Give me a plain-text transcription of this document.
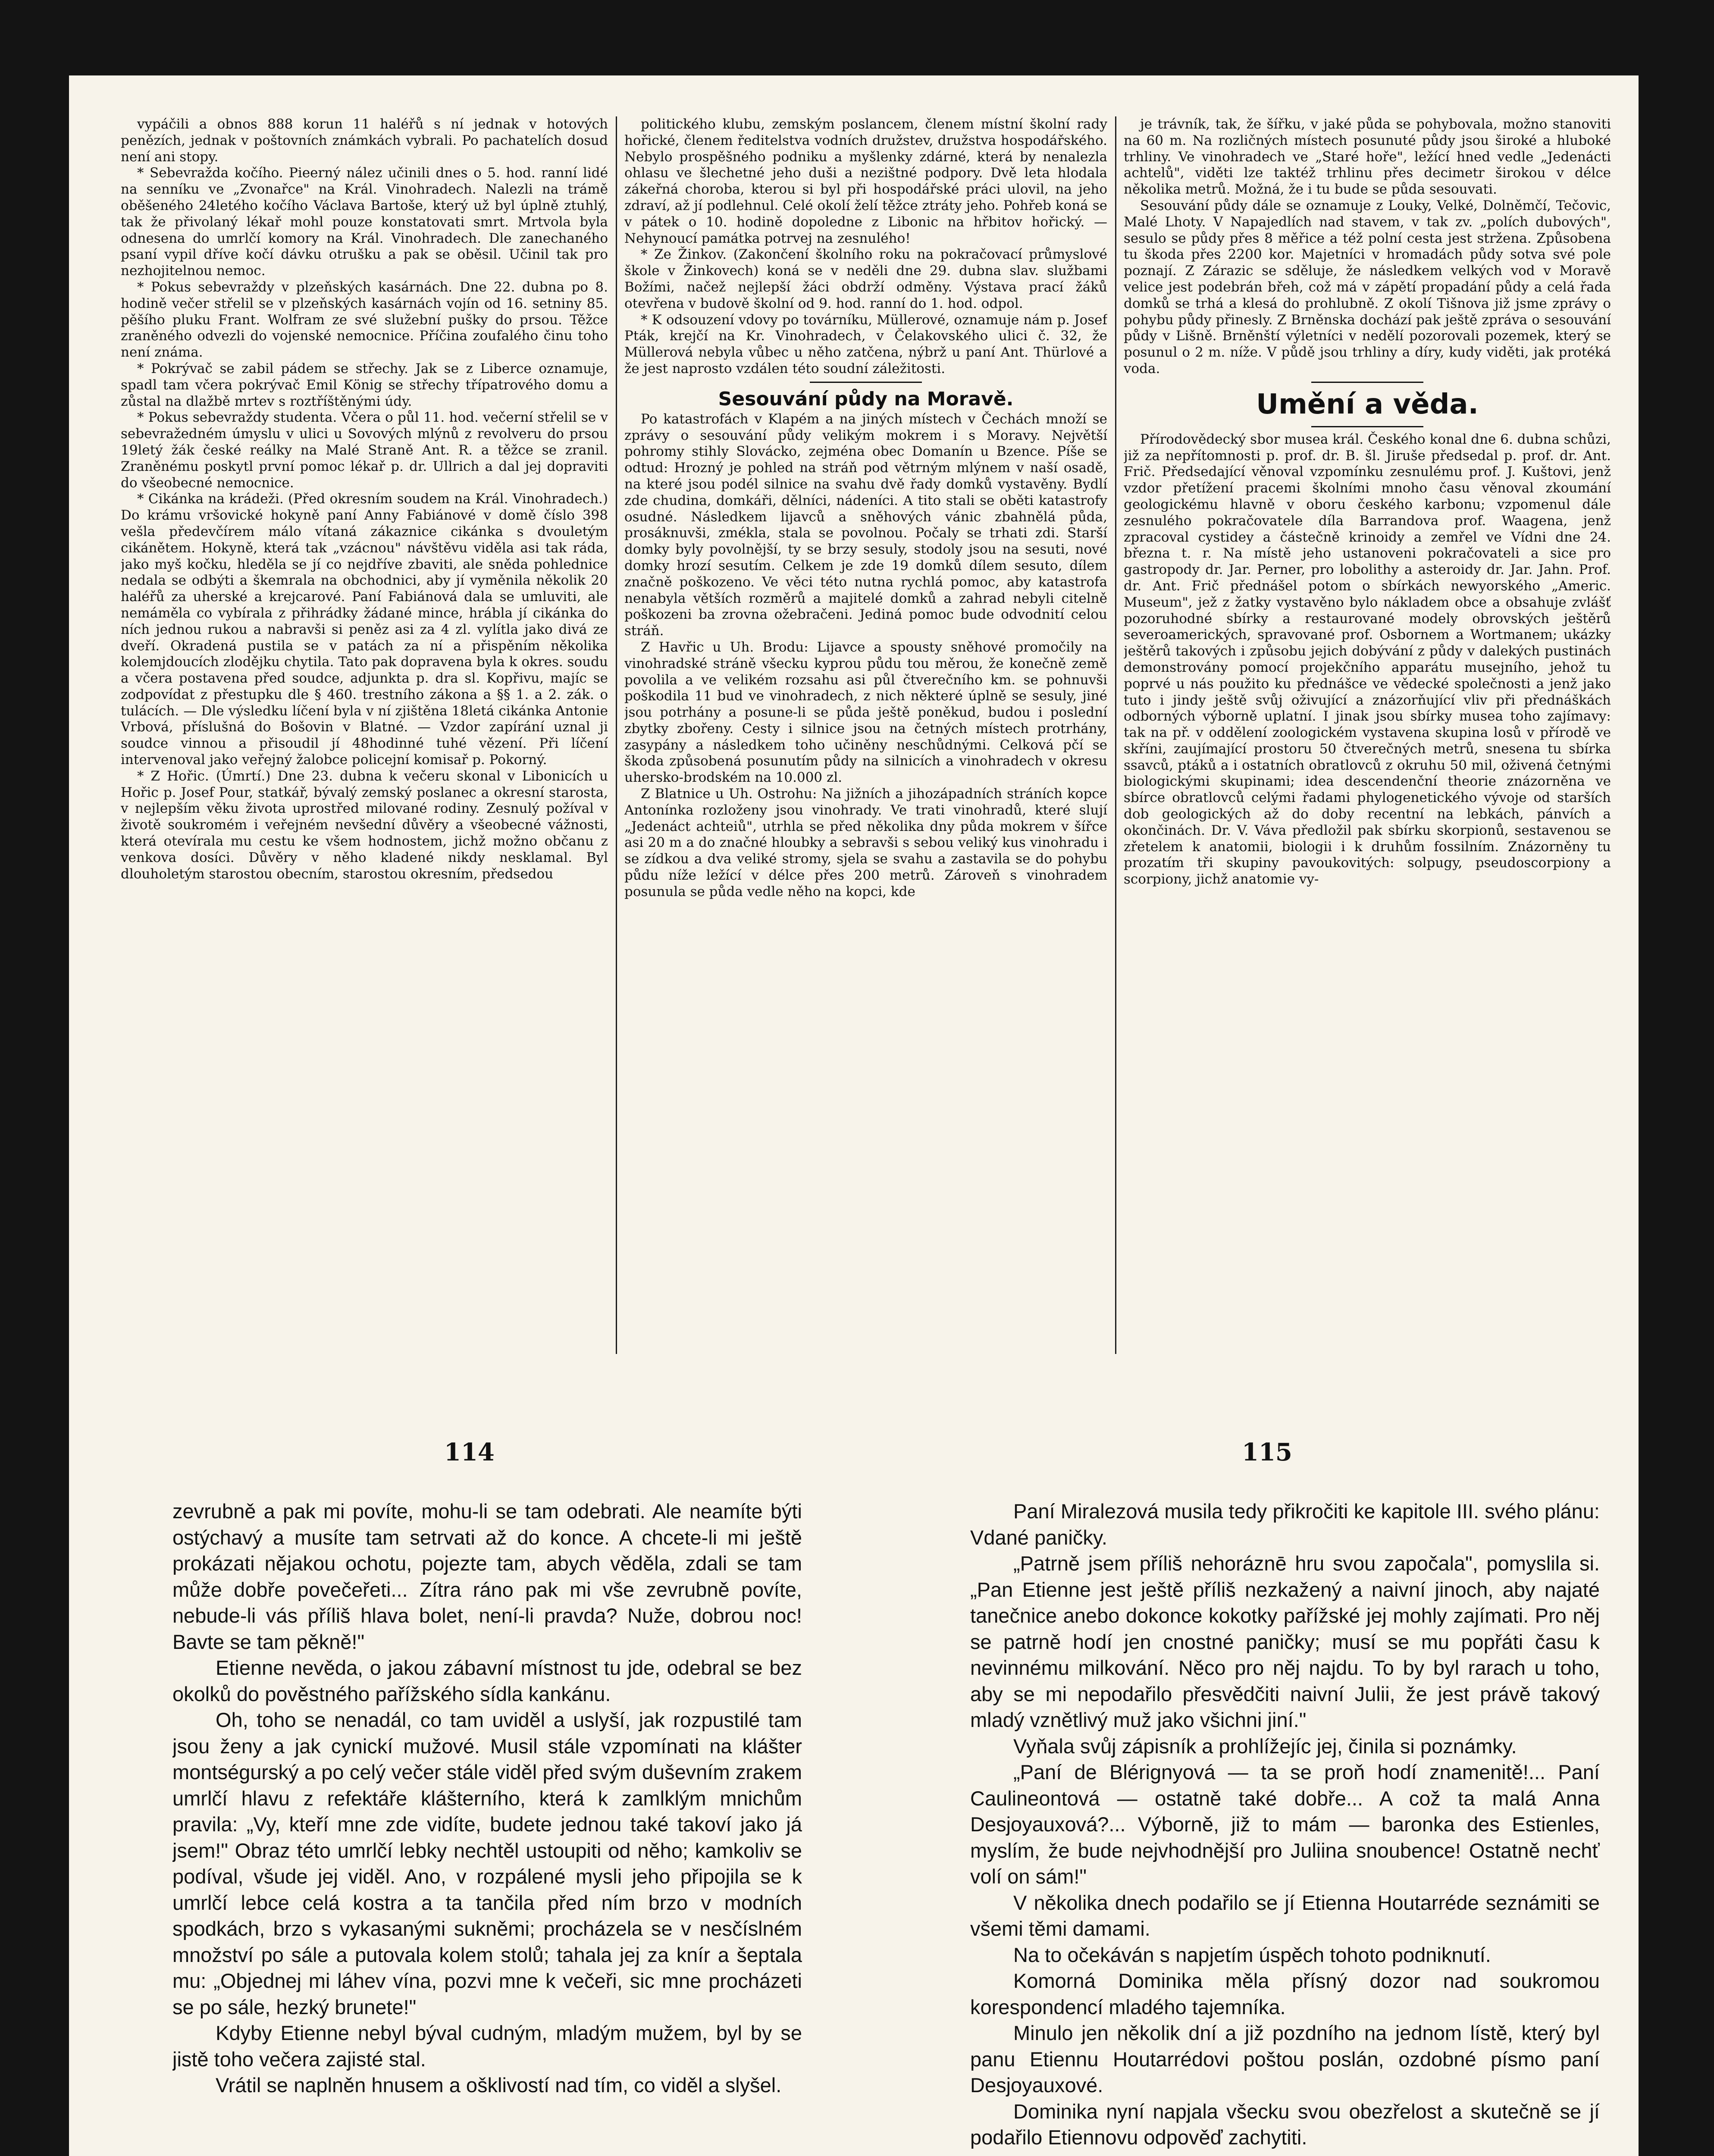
vypáčili a obnos 888 korun 11 haléřů s ní jednak v hotových penězích, jednak v poštovních známkách vybrali. Po pachatelích dosud není ani stopy.

* Sebevražda kočího. Pieerný nález učinili dnes o 5. hod. ranní lidé na senníku ve „Zvonařce" na Král. Vinohradech. Nalezli na trámě oběšeného 24letého kočího Václava Bartoše, který už byl úplně ztuhlý, tak že přivolaný lékař mohl pouze konstatovati smrt. Mrtvola byla odnesena do umrlčí komory na Král. Vinohradech. Dle zanechaného psaní vypil dříve kočí dávku otrušku a pak se oběsil. Učinil tak pro nezhojitelnou nemoc.

* Pokus sebevraždy v plzeňských kasárnách. Dne 22. dubna po 8. hodině večer střelil se v plzeňských kasárnách vojín od 16. setniny 85. pěšího pluku Frant. Wolfram ze své služební pušky do prsou. Těžce zraněného odvezli do vojenské nemocnice. Příčina zoufalého činu toho není známa.

* Pokrývač se zabil pádem se střechy. Jak se z Liberce oznamuje, spadl tam včera pokrývač Emil König se střechy třípatrového domu a zůstal na dlažbě mrtev s roztříštěnými údy.

* Pokus sebevraždy studenta. Včera o půl 11. hod. večerní střelil se v sebevražedném úmyslu v ulici u Sovových mlýnů z revolveru do prsou 19letý žák české reálky na Malé Straně Ant. R. a těžce se zranil. Zraněnému poskytl první pomoc lékař p. dr. Ullrich a dal jej dopraviti do všeobecné nemocnice.

* Cikánka na krádeži. (Před okresním soudem na Král. Vinohradech.) Do krámu vršovické hokyně paní Anny Fabiánové v domě číslo 398 vešla předevčírem málo vítaná zákaznice cikánka s dvouletým cikánětem. Hokyně, která tak „vzácnou" návštěvu viděla asi tak ráda, jako myš kočku, hleděla se jí co nejdříve zbaviti, ale sněda pohlednice nedala se odbýti a škemrala na obchodnici, aby jí vyměnila několik 20 haléřů za uherské a krejcarové. Paní Fabiánová dala se umluviti, ale nemáměla co vybírala z přihrádky žádané mince, hrábla jí cikánka do ních jednou rukou a nabravši si peněz asi za 4 zl. vylítla jako divá ze dveří. Okradená pustila se v patách za ní a přispěním několika kolemjdoucích zlodějku chytila. Tato pak dopravena byla k okres. soudu a včera postavena před soudce, adjunkta p. dra sl. Kopřivu, majíc se zodpovídat z přestupku dle § 460. trestního zákona a §§ 1. a 2. zák. o tulácích. — Dle výsledku líčení byla v ní zjištěna 18letá cikánka Antonie Vrbová, příslušná do Bošovin v Blatné. — Vzdor zapírání uznal ji soudce vinnou a přisoudil jí 48hodinné tuhé vězení. Při líčení intervenoval jako veřejný žalobce policejní komisař p. Pokorný.

* Z Hořic. (Úmrtí.) Dne 23. dubna k večeru skonal v Libonicích u Hořic p. Josef Pour, statkář, bývalý zemský poslanec a okresní starosta, v nejlepším věku života uprostřed milované rodiny. Zesnulý požíval v životě soukromém i veřejném nevšední důvěry a všeobecné vážnosti, která otevírala mu cestu ke všem hodnostem, jichž možno občanu z venkova dosíci. Důvěry v něho kladené nikdy nesklamal. Byl dlouholetým starostou obecním, starostou okresním, předsedou

politického klubu, zemským poslancem, členem místní školní rady hořické, členem ředitelstva vodních družstev, družstva hospodářského. Nebylo prospěšného podniku a myšlenky zdárné, která by nenalezla ohlasu ve šlechetné jeho duši a nezištné podpory. Dvě leta hlodala zákeřná choroba, kterou si byl při hospodářské práci ulovil, na jeho zdraví, až jí podlehnul. Celé okolí želí těžce ztráty jeho. Pohřeb koná se v pátek o 10. hodině dopoledne z Libonic na hřbitov hořický. — Nehynoucí památka potrvej na zesnulého!

* Ze Žinkov. (Zakončení školního roku na pokračovací průmyslové škole v Žinkovech) koná se v neděli dne 29. dubna slav. službami Božími, načež nejlepší žáci obdrží odměny. Výstava prací žáků otevřena v budově školní od 9. hod. ranní do 1. hod. odpol.

* K odsouzení vdovy po továrníku, Müllerové, oznamuje nám p. Josef Pták, krejčí na Kr. Vinohradech, v Čelakovského ulici č. 32, že Müllerová nebyla vůbec u něho zatčena, nýbrž u paní Ant. Thürlové a že jest naprosto vzdálen této soudní záležitosti.

Sesouvání půdy na Moravě.

Po katastrofách v Klapém a na jiných místech v Čechách množí se zprávy o sesouvání půdy velikým mokrem i s Moravy. Největší pohromy stihly Slovácko, zejména obec Domanín u Bzence. Píše se odtud: Hrozný je pohled na stráň pod větrným mlýnem v naší osadě, na které jsou podél silnice na svahu dvě řady domků vystavěny. Bydlí zde chudina, domkáři, dělníci, nádeníci. A tito stali se oběti katastrofy osudné. Následkem lijavců a sněhových vánic zbahnělá půda, prosáknuvši, zmékla, stala se povolnou. Počaly se trhati zdi. Starší domky byly povolnější, ty se brzy sesuly, stodoly jsou na sesuti, nové domky hrozí sesutím. Celkem je zde 19 domků dílem sesuto, dílem značně poškozeno. Ve věci této nutna rychlá pomoc, aby katastrofa nenabyla větších rozměrů a majitelé domků a zahrad nebyli citelně poškozeni ba zrovna ožebračeni. Jediná pomoc bude odvodnití celou stráň.

Z Havřic u Uh. Brodu: Lijavce a spousty sněhové promočily na vinohradské stráně všecku kyprou půdu tou měrou, že konečně země povolila a ve velikém rozsahu asi půl čtverečního km. se pohnuvši poškodila 11 bud ve vinohradech, z nich některé úplně se sesuly, jiné jsou potrhány a posune-li se půda ještě poněkud, budou i poslední zbytky zbořeny. Cesty i silnice jsou na četných místech protrhány, zasypány a následkem toho učiněny neschůdnými. Celková pčí se škoda způsobená posunutím půdy na silnicích a vinohradech v okresu uhersko-brodském na 10.000 zl.

Z Blatnice u Uh. Ostrohu: Na jižních a jihozápadních stráních kopce Antonínka rozloženy jsou vinohrady. Ve trati vinohradů, které slují „Jedenáct achteiů", utrhla se před několika dny půda mokrem v šířce asi 20 m a do značné hloubky a sebravši s sebou veliký kus vinohradu i se zídkou a dva veliké stromy, sjela se svahu a zastavila se do pohybu půdu níže ležící v délce přes 200 metrů. Zároveň s vinohradem posunula se půda vedle něho na kopci, kde

je trávník, tak, že šířku, v jaké půda se pohybovala, možno stanoviti na 60 m. Na rozličných místech posunuté půdy jsou široké a hluboké trhliny. Ve vinohradech ve „Staré hoře", ležící hned vedle „Jedenácti achtelů", viděti lze taktéž trhlinu přes decimetr širokou v délce několika metrů. Možná, že i tu bude se půda sesouvati.

Sesouvání půdy dále se oznamuje z Louky, Velké, Dolněmčí, Tečovic, Malé Lhoty. V Napajedlích nad stavem, v tak zv. „polích dubových", sesulo se půdy přes 8 měřice a též polní cesta jest stržena. Způsobena tu škoda přes 2200 kor. Majetníci v hromadách půdy sotva své pole poznají. Z Zárazic se sděluje, že následkem velkých vod v Moravě velice jest podebrán břeh, což má v zápětí propadání půdy a celá řada domků se trhá a klesá do prohlubně. Z okolí Tišnova již jsme zprávy o pohybu půdy přinesly. Z Brněnska dochází pak ještě zpráva o sesouvání půdy v Lišně. Brněnští výletníci v nedělí pozorovali pozemek, který se posunul o 2 m. níže. V půdě jsou trhliny a díry, kudy viděti, jak protéká voda.

Umění a věda.

Přírodovědecký sbor musea král. Českého konal dne 6. dubna schůzi, již za nepřítomnosti p. prof. dr. B. šl. Jiruše předsedal p. prof. dr. Ant. Frič. Předsedající věnoval vzpomínku zesnulému prof. J. Kuštovi, jenž vzdor přetížení pracemi školními mnoho času věnoval zkoumání geologickému hlavně v oboru českého karbonu; vzpomenul dále zesnulého pokračovatele díla Barrandova prof. Waagena, jenž zpracoval cystidey a částečně krinoidy a zemřel ve Vídni dne 24. března t. r. Na místě jeho ustanoveni pokračovateli a sice pro gastropody dr. Jar. Perner, pro lobolithy a asteroidy dr. Jar. Jahn. Prof. dr. Ant. Frič přednášel potom o sbírkách newyorského „Americ. Museum", jež z žatky vystavěno bylo nákladem obce a obsahuje zvlášť pozoruhodné sbírky a restaurované modely obrovských ještěrů severoamerických, spravované prof. Osbornem a Wortmanem; ukázky ještěrů takových i způsobu jejich dobývání z půdy v dalekých pustinách demonstrovány pomocí projekčního apparátu musejního, jehož tu poprvé u nás použito ku přednášce ve vědecké společnosti a jenž jako tuto i jindy ještě svůj oživující a znázorňující vliv při přednáškách odborných výborně uplatní. I jinak jsou sbírky musea toho zajímavy: tak na př. v oddělení zoologickém vystavena skupina losů v přírodě ve skříni, zaujímající prostoru 50 čtverečných metrů, snesena tu sbírka ssavců, ptáků a i ostatních obratlovců z okruhu 50 mil, oživená četnými biologickými skupinami; idea descendenční theorie znázorněna ve sbírce obratlovců celými řadami phylogenetického vývoje od starších dob geologických až do doby recentní na lebkách, pánvích a okončinách. Dr. V. Váva předložil pak sbírku skorpionů, sestavenou se zřetelem k anatomii, biologii i k druhům fossilním. Znázorněny tu prozatím tři skupiny pavoukovitých: solpugy, pseudoscorpiony a scorpiony, jichž anatomie vy-

114	115

zevrubně a pak mi povíte, mohu-li se tam odebrati. Ale neamíte býti ostýchavý a musíte tam setrvati až do konce. A chcete-li mi ještě prokázati nějakou ochotu, pojezte tam, abych věděla, zdali se tam může dobře povečeřeti... Zítra ráno pak mi vše zevrubně povíte, nebude-li vás příliš hlava bolet, není-li pravda? Nuže, dobrou noc! Bavte se tam pěkně!"

Etienne nevěda, o jakou zábavní místnost tu jde, odebral se bez okolků do pověstného pařížského sídla kankánu.

Oh, toho se nenadál, co tam uviděl a uslyší, jak rozpustilé tam jsou ženy a jak cynickí mužové. Musil stále vzpomínati na klášter montségurský a po celý večer stále viděl před svým duševním zrakem umrlčí hlavu z refektáře klášterního, která k zamlklým mnichům pravila: „Vy, kteří mne zde vidíte, budete jednou také takoví jako já jsem!" Obraz této umrlčí lebky nechtěl ustoupiti od něho; kamkoliv se podíval, všude jej viděl. Ano, v rozpálené mysli jeho připojila se k umrlčí lebce celá kostra a ta tančila před ním brzo v modních spodkách, brzo s vykasanými sukněmi; procházela se v nesčíslném množství po sále a putovala kolem stolů; tahala jej za knír a šeptala mu: „Objednej mi láhev vína, pozvi mne k večeři, sic mne procházeti se po sále, hezký brunete!"

Kdyby Etienne nebyl býval cudným, mladým mužem, byl by se jistě toho večera zajisté stal.

Vrátil se naplněn hnusem a ošklivostí nad tím, co viděl a slyšel.

Paní Miralezová musila tedy přikročiti ke kapitole III. svého plánu: Vdané paničky.

„Patrně jsem příliš nehoráznē hru svou započala", pomyslila si. „Pan Etienne jest ještě příliš nezkažený a naivní jinoch, aby najaté tanečnice anebo dokonce kokotky pařížské jej mohly zajímati. Pro něj se patrně hodí jen cnostné paničky; musí se mu popřáti času k nevinnému milkování. Něco pro něj najdu. To by byl rarach u toho, aby se mi nepodařilo přesvědčiti naivní Julii, že jest právě takový mladý vznětlivý muž jako všichni jiní."

Vyňala svůj zápisník a prohlížejíc jej, činila si poznámky.

„Paní de Blérignyová — ta se proň hodí znamenitě!... Paní Caulineontová — ostatně také dobře... A což ta malá Anna Desjoyauxová?... Výborně, již to mám — baronka des Estienles, myslím, že bude nejvhodnější pro Juliina snoubence! Ostatně nechť volí on sám!"

V několika dnech podařilo se jí Etienna Houtarréde seznámiti se všemi těmi damami.

Na to očekáván s napjetím úspěch tohoto podniknutí.

Komorná Dominika měla přísný dozor nad soukromou korespondencí mladého tajemníka.

Minulo jen několik dní a již pozdního na jednom lístě, který byl panu Etiennu Houtarrédovi poštou poslán, ozdobné písmo paní Desjoyauxové.

Dominika nyní napjala všecku svou obezřelost a skutečně se jí podařilo Etiennovu odpověď zachytiti.
